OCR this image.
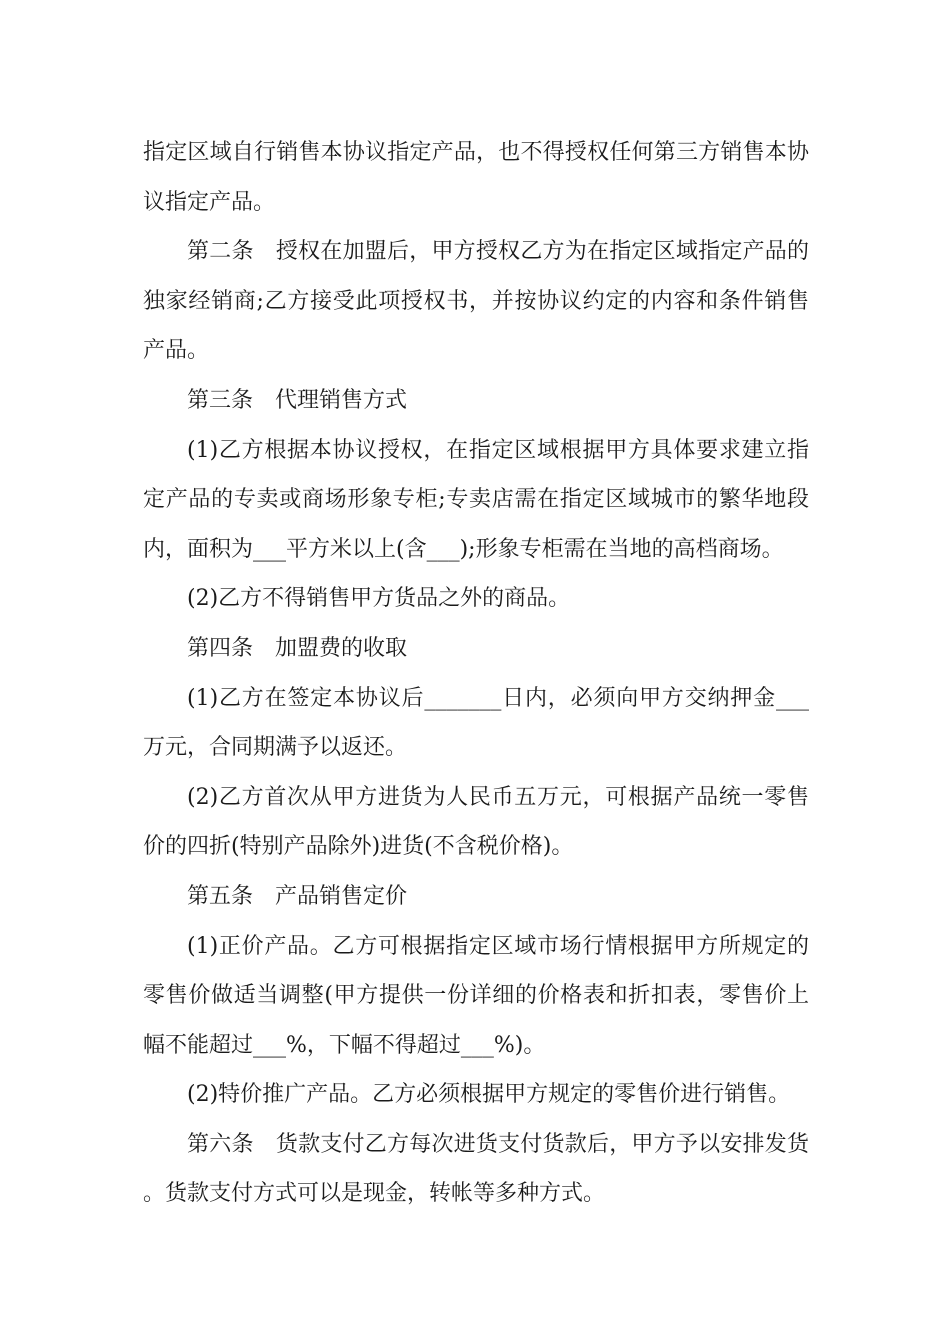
指定区域自行销售本协议指定产品，也不得授权任何第三方销售本协议指定产品。

第二条 授权在加盟后，甲方授权乙方为在指定区域指定产品的独家经销商;乙方接受此项授权书，并按协议约定的内容和条件销售产品。

第三条 代理销售方式

(1)乙方根据本协议授权，在指定区域根据甲方具体要求建立指定产品的专卖或商场形象专柜;专卖店需在指定区域城市的繁华地段内，面积为___平方米以上(含___);形象专柜需在当地的高档商场。

(2)乙方不得销售甲方货品之外的商品。

第四条 加盟费的收取

(1)乙方在签定本协议后_______日内，必须向甲方交纳押金___万元，合同期满予以返还。

(2)乙方首次从甲方进货为人民币五万元，可根据产品统一零售价的四折(特别产品除外)进货(不含税价格)。

第五条 产品销售定价

(1)正价产品。乙方可根据指定区域市场行情根据甲方所规定的零售价做适当调整(甲方提供一份详细的价格表和折扣表，零售价上幅不能超过___%，下幅不得超过___%)。

(2)特价推广产品。乙方必须根据甲方规定的零售价进行销售。

第六条 货款支付乙方每次进货支付货款后，甲方予以安排发货。货款支付方式可以是现金，转帐等多种方式。
